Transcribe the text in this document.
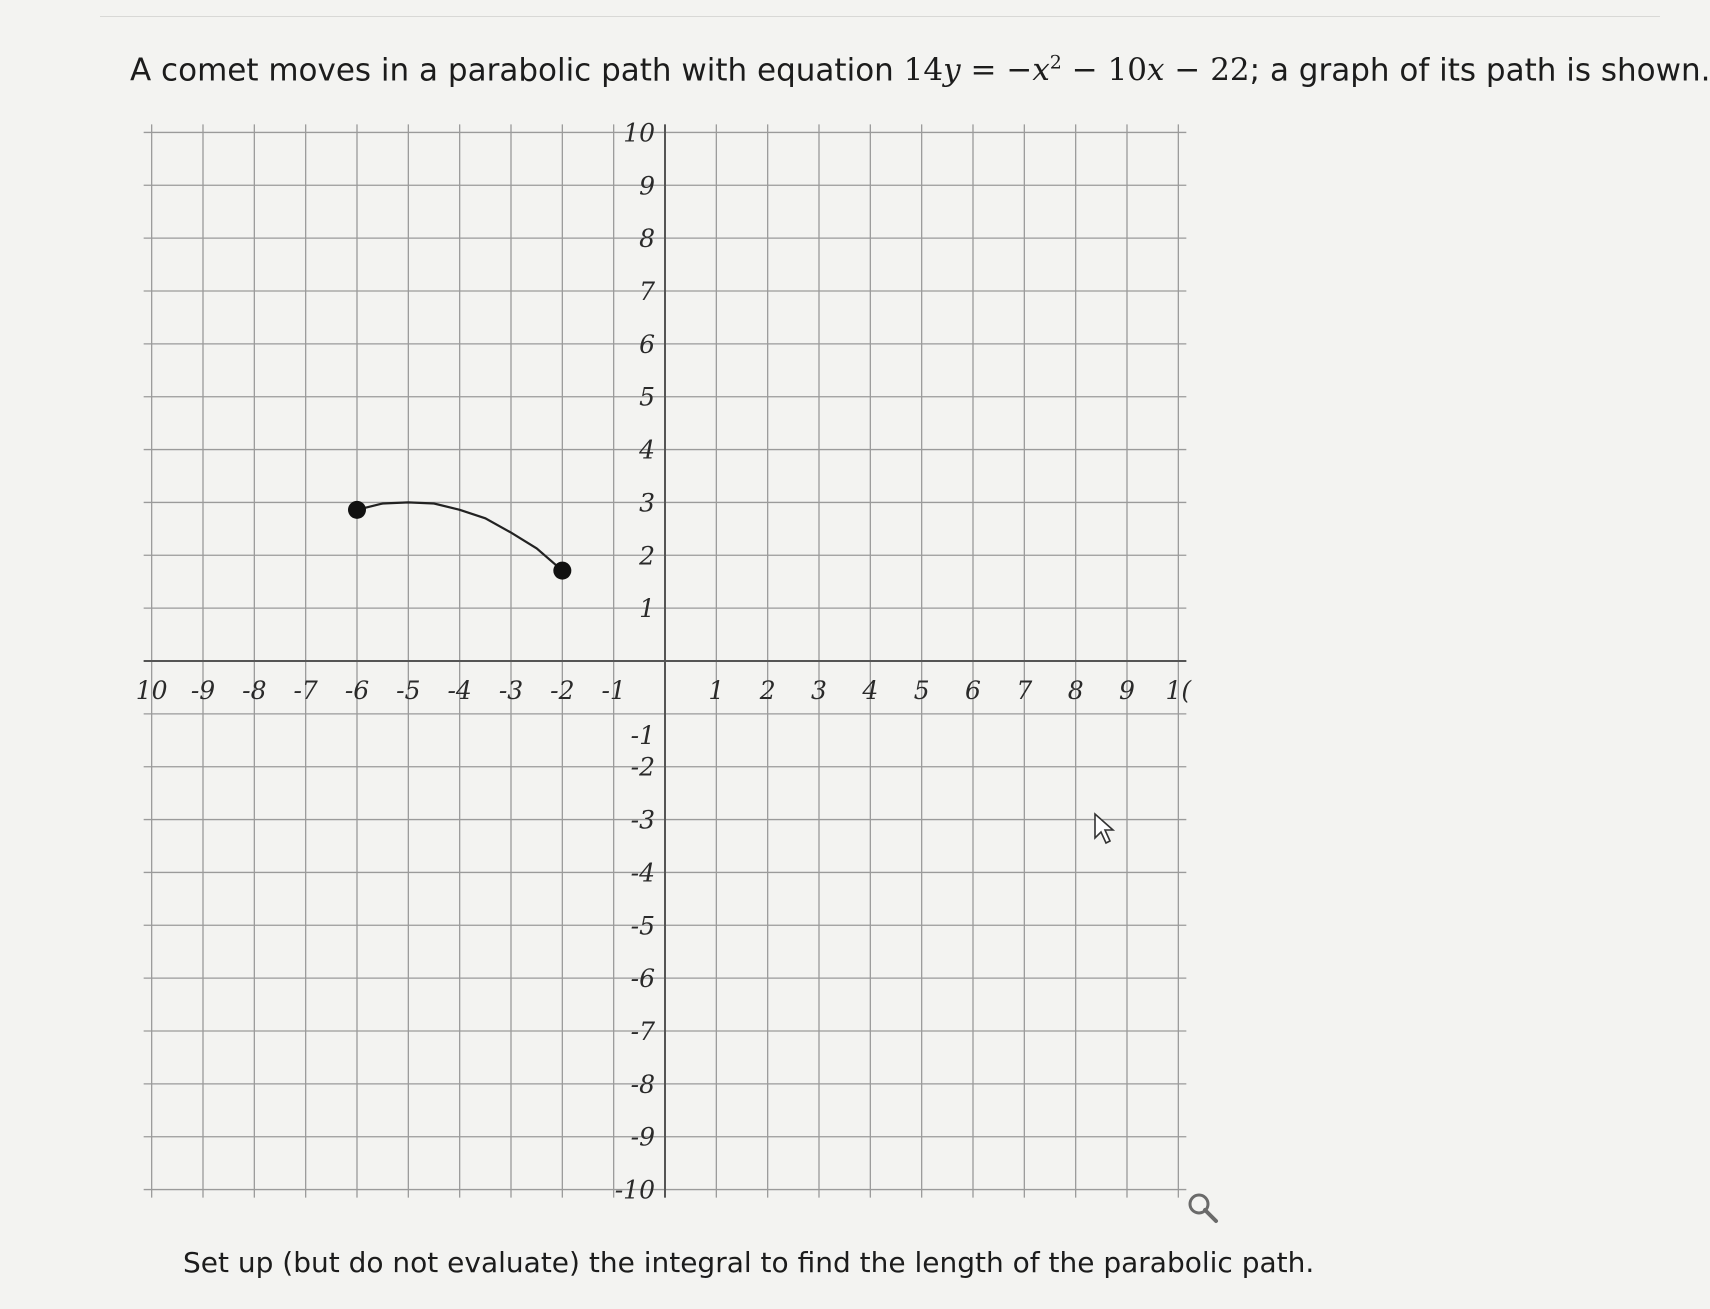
A comet moves in a parabolic path with equation $14y = -x^2 - 10x - 22$; a graph of its path is shown.
10 -9 -8 -7 -6 -5 -4 -3 -2 -1	1 2 3 4 5 6 7 8 9 1(
10
9
8
7
6
5
4
3
2
1
-1
-2
-3
-4
-5
-6
-7
-8
-9
-10
Set up (but do not evaluate) the integral to find the length of the parabolic path.
